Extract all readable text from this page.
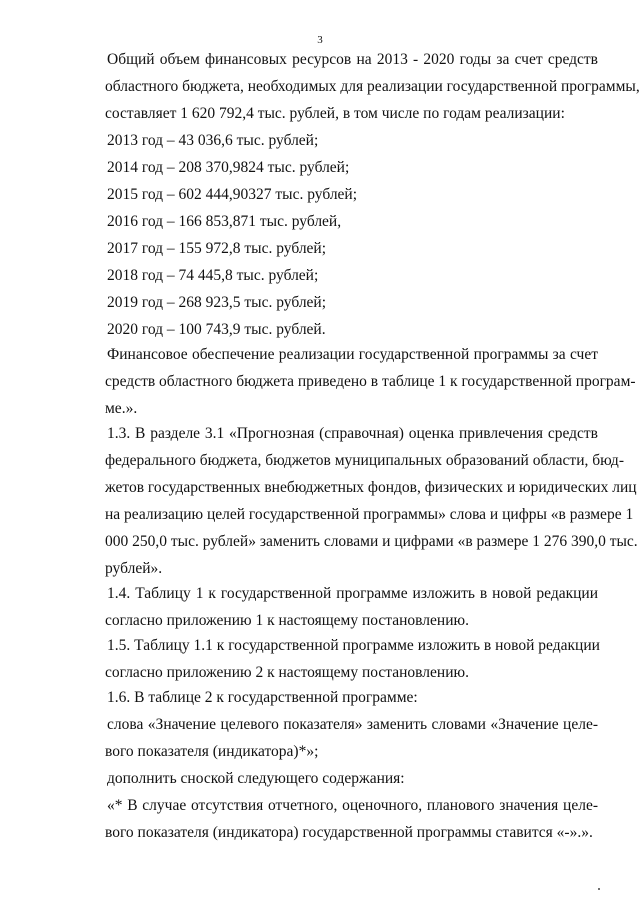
3
Общий объем финансовых ресурсов на 2013 - 2020 годы за счет средств
областного бюджета, необходимых для реализации государственной программы,
составляет 1 620 792,4 тыс. рублей, в том числе по годам реализации:
2013 год – 43 036,6 тыс. рублей;
2014 год – 208 370,9824 тыс. рублей;
2015 год – 602 444,90327 тыс. рублей;
2016 год – 166 853,871 тыс. рублей,
2017 год – 155 972,8 тыс. рублей;
2018 год – 74 445,8 тыс. рублей;
2019 год – 268 923,5 тыс. рублей;
2020 год – 100 743,9 тыс. рублей.
Финансовое обеспечение реализации государственной программы за счет
средств областного бюджета приведено в таблице 1 к государственной програм-
ме.».
1.3. В разделе 3.1 «Прогнозная (справочная) оценка привлечения средств
федерального бюджета, бюджетов муниципальных образований области, бюд-
жетов государственных внебюджетных фондов, физических и юридических лиц
на реализацию целей государственной программы» слова и цифры «в размере 1
000 250,0 тыс. рублей» заменить словами и цифрами «в размере 1 276 390,0 тыс.
рублей».
1.4. Таблицу 1 к государственной программе изложить в новой редакции
согласно приложению 1 к настоящему постановлению.
1.5. Таблицу 1.1 к государственной программе изложить в новой редакции
согласно приложению 2 к настоящему постановлению.
1.6. В таблице 2 к государственной программе:
слова «Значение целевого показателя» заменить словами «Значение целе-
вого показателя (индикатора)*»;
дополнить сноской следующего содержания:
«* В случае отсутствия отчетного, оценочного, планового значения целе-
вого показателя (индикатора) государственной программы ставится «-».».
